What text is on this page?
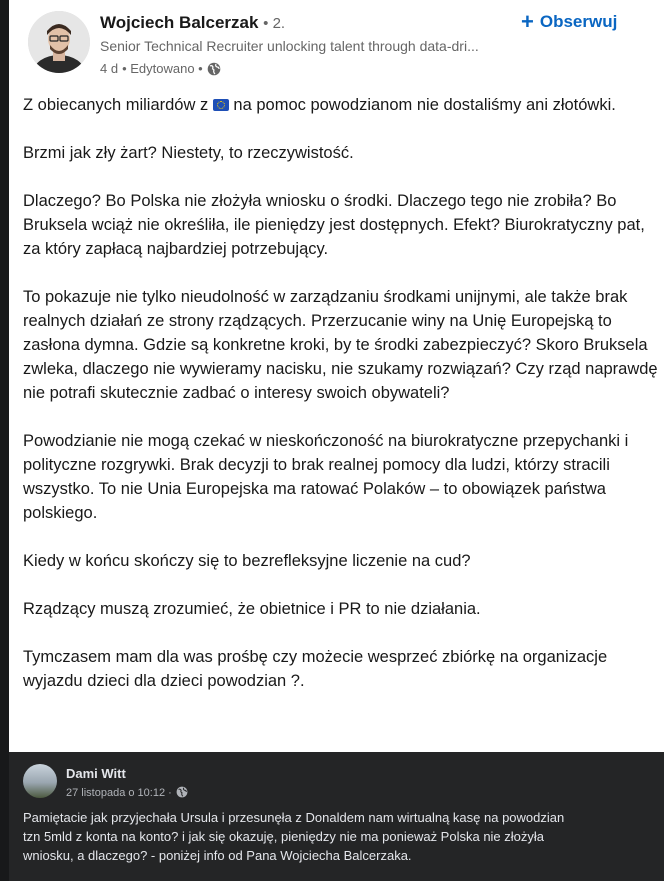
Wojciech Balcerzak • 2.
Senior Technical Recruiter unlocking talent through data-dri...
4 d • Edytowano •
+ Obserwuj

Z obiecanych miliardów z  na pomoc powodzianom nie dostaliśmy ani złotówki.

Brzmi jak zły żart? Niestety, to rzeczywistość.

Dlaczego? Bo Polska nie złożyła wniosku o środki. Dlaczego tego nie zrobiła? Bo
Bruksela wciąż nie określiła, ile pieniędzy jest dostępnych. Efekt? Biurokratyczny pat,
za który zapłacą najbardziej potrzebujący.

To pokazuje nie tylko nieudolność w zarządzaniu środkami unijnymi, ale także brak
realnych działań ze strony rządzących. Przerzucanie winy na Unię Europejską to
zasłona dymna. Gdzie są konkretne kroki, by te środki zabezpieczyć? Skoro Bruksela
zwleka, dlaczego nie wywieramy nacisku, nie szukamy rozwiązań? Czy rząd naprawdę
nie potrafi skutecznie zadbać o interesy swoich obywateli?

Powodzianie nie mogą czekać w nieskończoność na biurokratyczne przepychanki i
polityczne rozgrywki. Brak decyzji to brak realnej pomocy dla ludzi, którzy stracili
wszystko. To nie Unia Europejska ma ratować Polaków – to obowiązek państwa
polskiego.

Kiedy w końcu skończy się to bezrefleksyjne liczenie na cud?

Rządzący muszą zrozumieć, że obietnice i PR to nie działania.

Tymczasem mam dla was prośbę czy możecie wesprzeć zbiórkę na organizacje
wyjazdu dzieci dla dzieci powodzian ?.

Dami Witt
27 listopada o 10:12 ·
Pamiętacie jak przyjechała Ursula i przesunęła z Donaldem nam wirtualną kasę na powodzian
tzn 5mld z konta na konto? i jak się okazuję, pieniędzy nie ma ponieważ Polska nie złożyła
wniosku, a dlaczego? - poniżej info od Pana Wojciecha Balcerzaka.
